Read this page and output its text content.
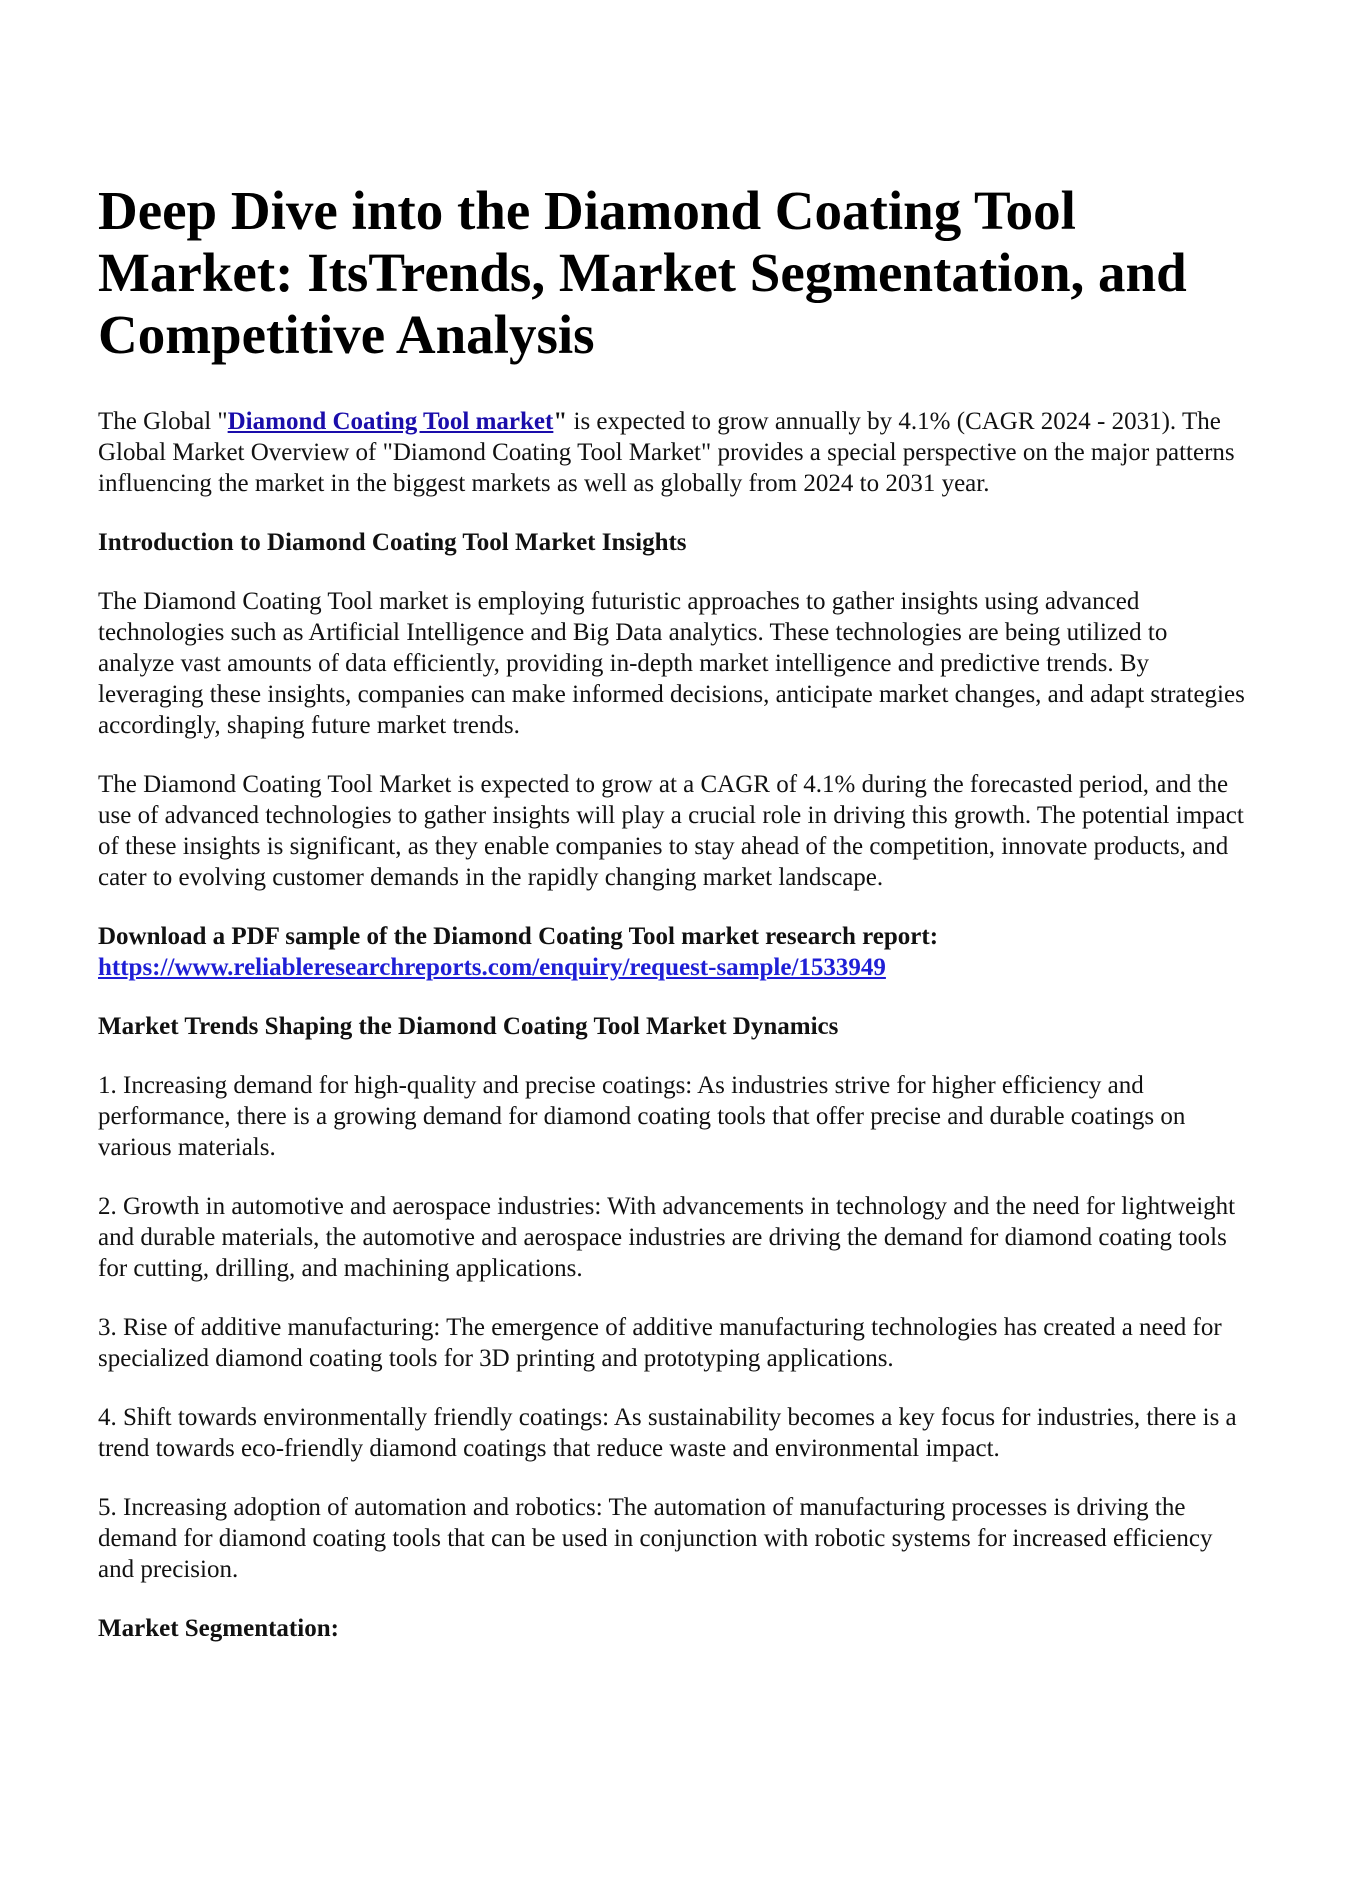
Deep Dive into the Diamond Coating Tool Market: ItsTrends, Market Segmentation, and Competitive Analysis

The Global "Diamond Coating Tool market" is expected to grow annually by 4.1% (CAGR 2024 - 2031). The Global Market Overview of "Diamond Coating Tool Market" provides a special perspective on the major patterns influencing the market in the biggest markets as well as globally from 2024 to 2031 year.

Introduction to Diamond Coating Tool Market Insights

The Diamond Coating Tool market is employing futuristic approaches to gather insights using advanced technologies such as Artificial Intelligence and Big Data analytics. These technologies are being utilized to analyze vast amounts of data efficiently, providing in-depth market intelligence and predictive trends. By leveraging these insights, companies can make informed decisions, anticipate market changes, and adapt strategies accordingly, shaping future market trends.

The Diamond Coating Tool Market is expected to grow at a CAGR of 4.1% during the forecasted period, and the use of advanced technologies to gather insights will play a crucial role in driving this growth. The potential impact of these insights is significant, as they enable companies to stay ahead of the competition, innovate products, and cater to evolving customer demands in the rapidly changing market landscape.

Download a PDF sample of the Diamond Coating Tool market research report:
https://www.reliableresearchreports.com/enquiry/request-sample/1533949

Market Trends Shaping the Diamond Coating Tool Market Dynamics

1. Increasing demand for high-quality and precise coatings: As industries strive for higher efficiency and performance, there is a growing demand for diamond coating tools that offer precise and durable coatings on various materials.

2. Growth in automotive and aerospace industries: With advancements in technology and the need for lightweight and durable materials, the automotive and aerospace industries are driving the demand for diamond coating tools for cutting, drilling, and machining applications.

3. Rise of additive manufacturing: The emergence of additive manufacturing technologies has created a need for specialized diamond coating tools for 3D printing and prototyping applications.

4. Shift towards environmentally friendly coatings: As sustainability becomes a key focus for industries, there is a trend towards eco-friendly diamond coatings that reduce waste and environmental impact.

5. Increasing adoption of automation and robotics: The automation of manufacturing processes is driving the demand for diamond coating tools that can be used in conjunction with robotic systems for increased efficiency and precision.

Market Segmentation:
